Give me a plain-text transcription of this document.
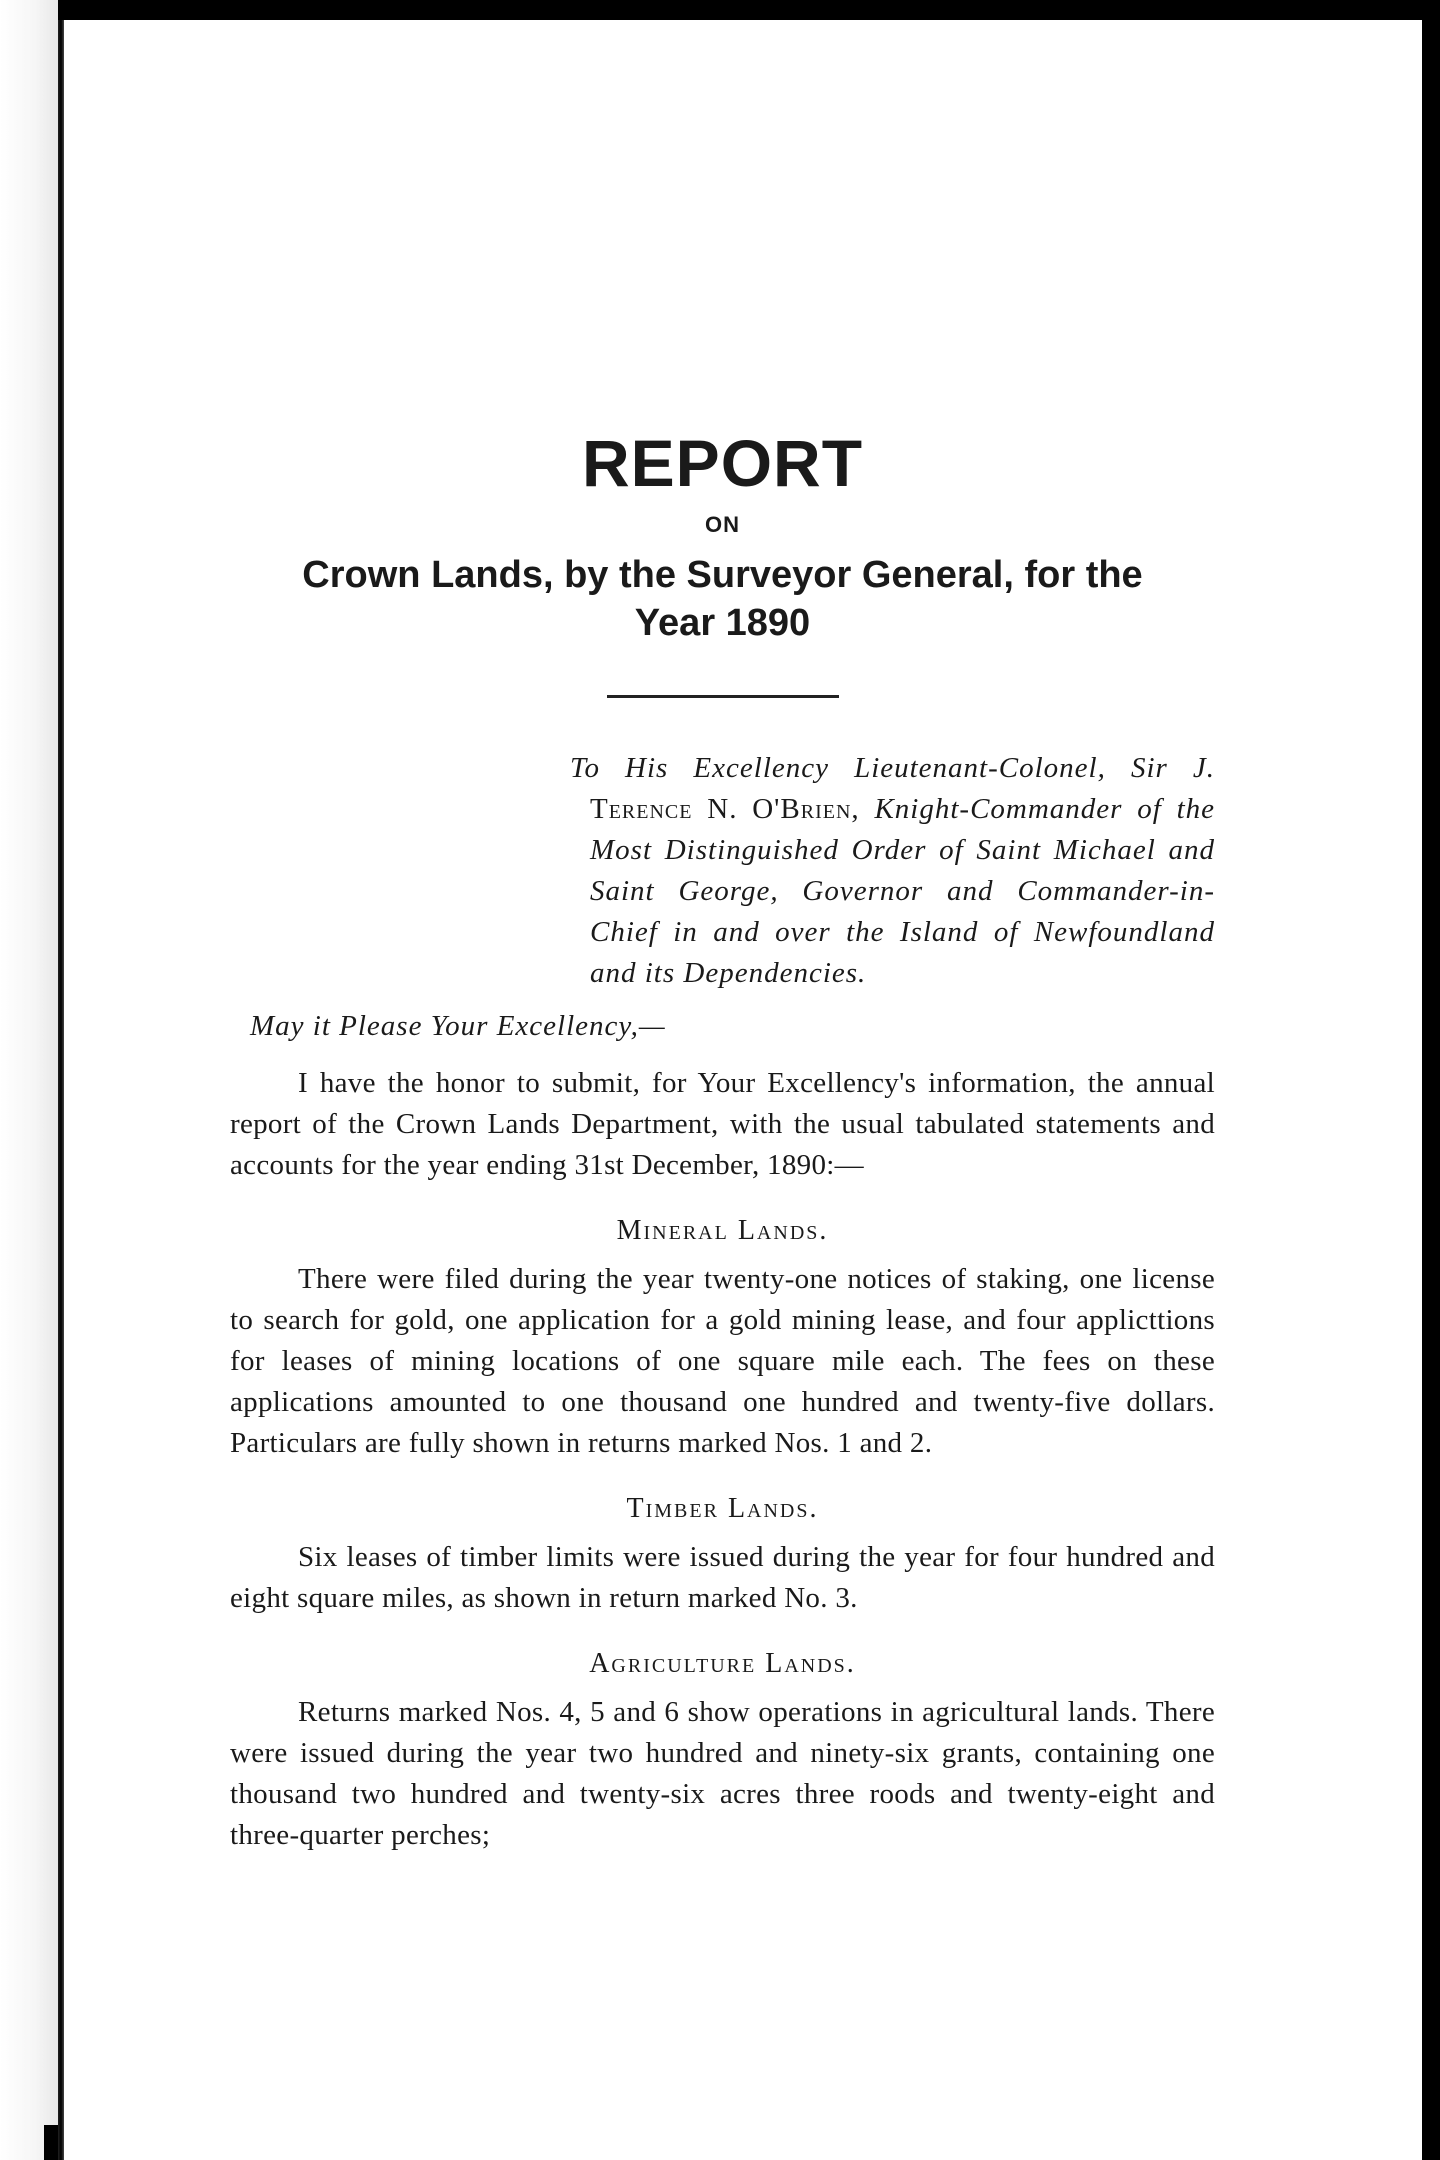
REPORT
ON
Crown Lands, by the Surveyor General, for the Year 1890
To His Excellency Lieutenant-Colonel, Sir J. Terence N. O'Brien, Knight-Commander of the Most Distinguished Order of Saint Michael and Saint George, Governor and Commander-in-Chief in and over the Island of Newfoundland and its Dependencies.
May it Please Your Excellency,—

I have the honor to submit, for Your Excellency's information, the annual report of the Crown Lands Department, with the usual tabulated statements and accounts for the year ending 31st December, 1890:—

Mineral Lands.

There were filed during the year twenty-one notices of staking, one license to search for gold, one application for a gold mining lease, and four applicttions for leases of mining locations of one square mile each. The fees on these applications amounted to one thousand one hundred and twenty-five dollars. Particulars are fully shown in returns marked Nos. 1 and 2.

Timber Lands.

Six leases of timber limits were issued during the year for four hundred and eight square miles, as shown in return marked No. 3.

Agriculture Lands.

Returns marked Nos. 4, 5 and 6 show operations in agricultural lands. There were issued during the year two hundred and ninety-six grants, containing one thousand two hundred and twenty-six acres three roods and twenty-eight and three-quarter perches;
